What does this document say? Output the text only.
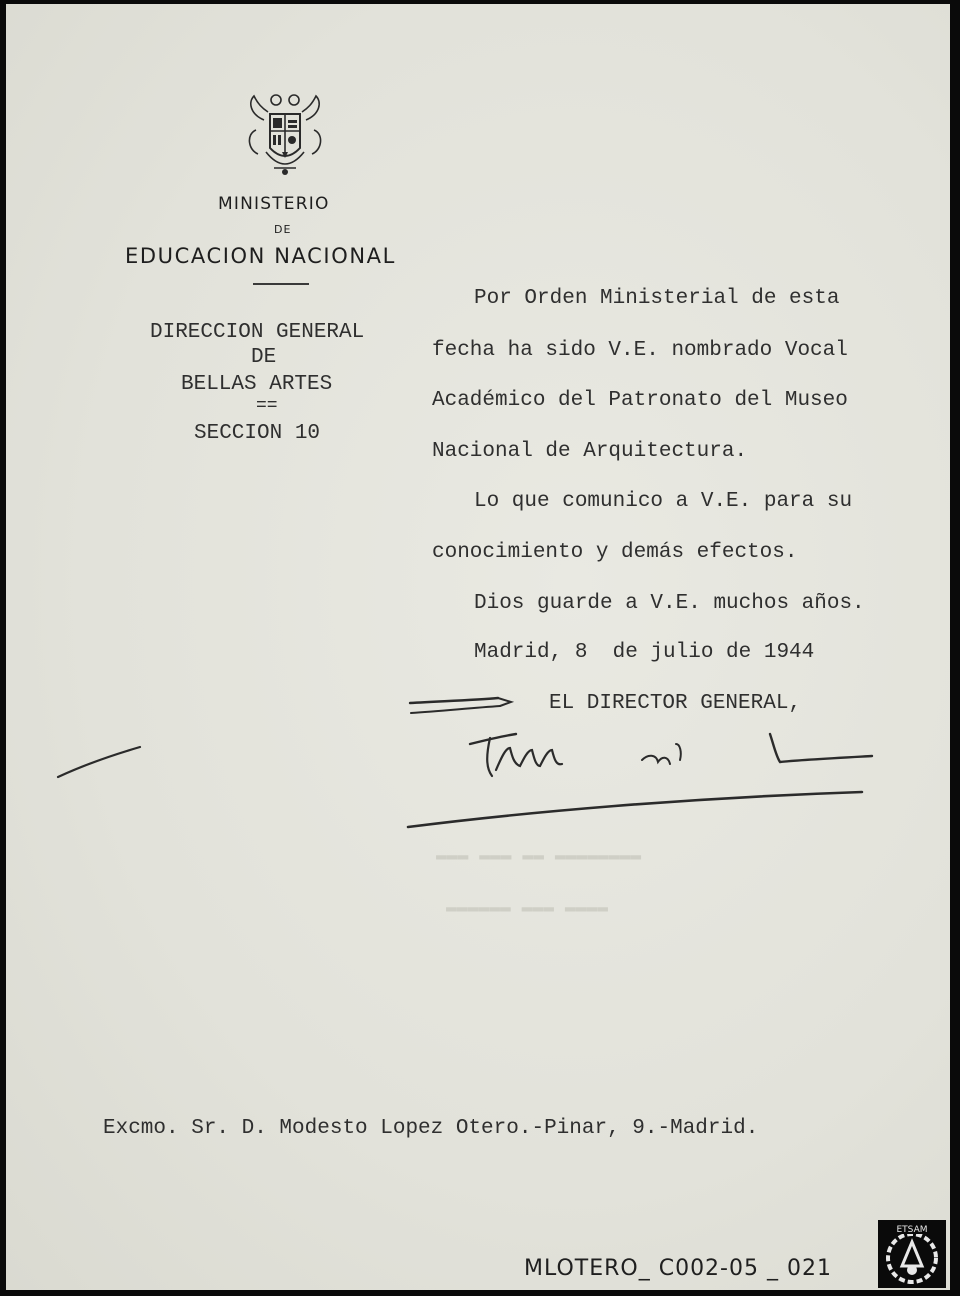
MINISTERIO
DE
EDUCACION NACIONAL
DIRECCION GENERAL
DE
BELLAS ARTES
==
SECCION 10
Por Orden Ministerial de esta
fecha ha sido V.E. nombrado Vocal
Académico del Patronato del Museo
Nacional de Arquitectura.
Lo que comunico a V.E. para su
conocimiento y demás efectos.
Dios guarde a V.E. muchos años.
Madrid, 8  de julio de 1944
EL DIRECTOR GENERAL,
▬▬▬ ▬▬▬ ▬▬ ▬▬▬▬▬▬▬▬
▬▬▬▬▬▬ ▬▬▬ ▬▬▬▬
Excmo. Sr. D. Modesto Lopez Otero.-Pinar, 9.-Madrid.
MLOTERO_ C002-05 _ 021
ETSAM
